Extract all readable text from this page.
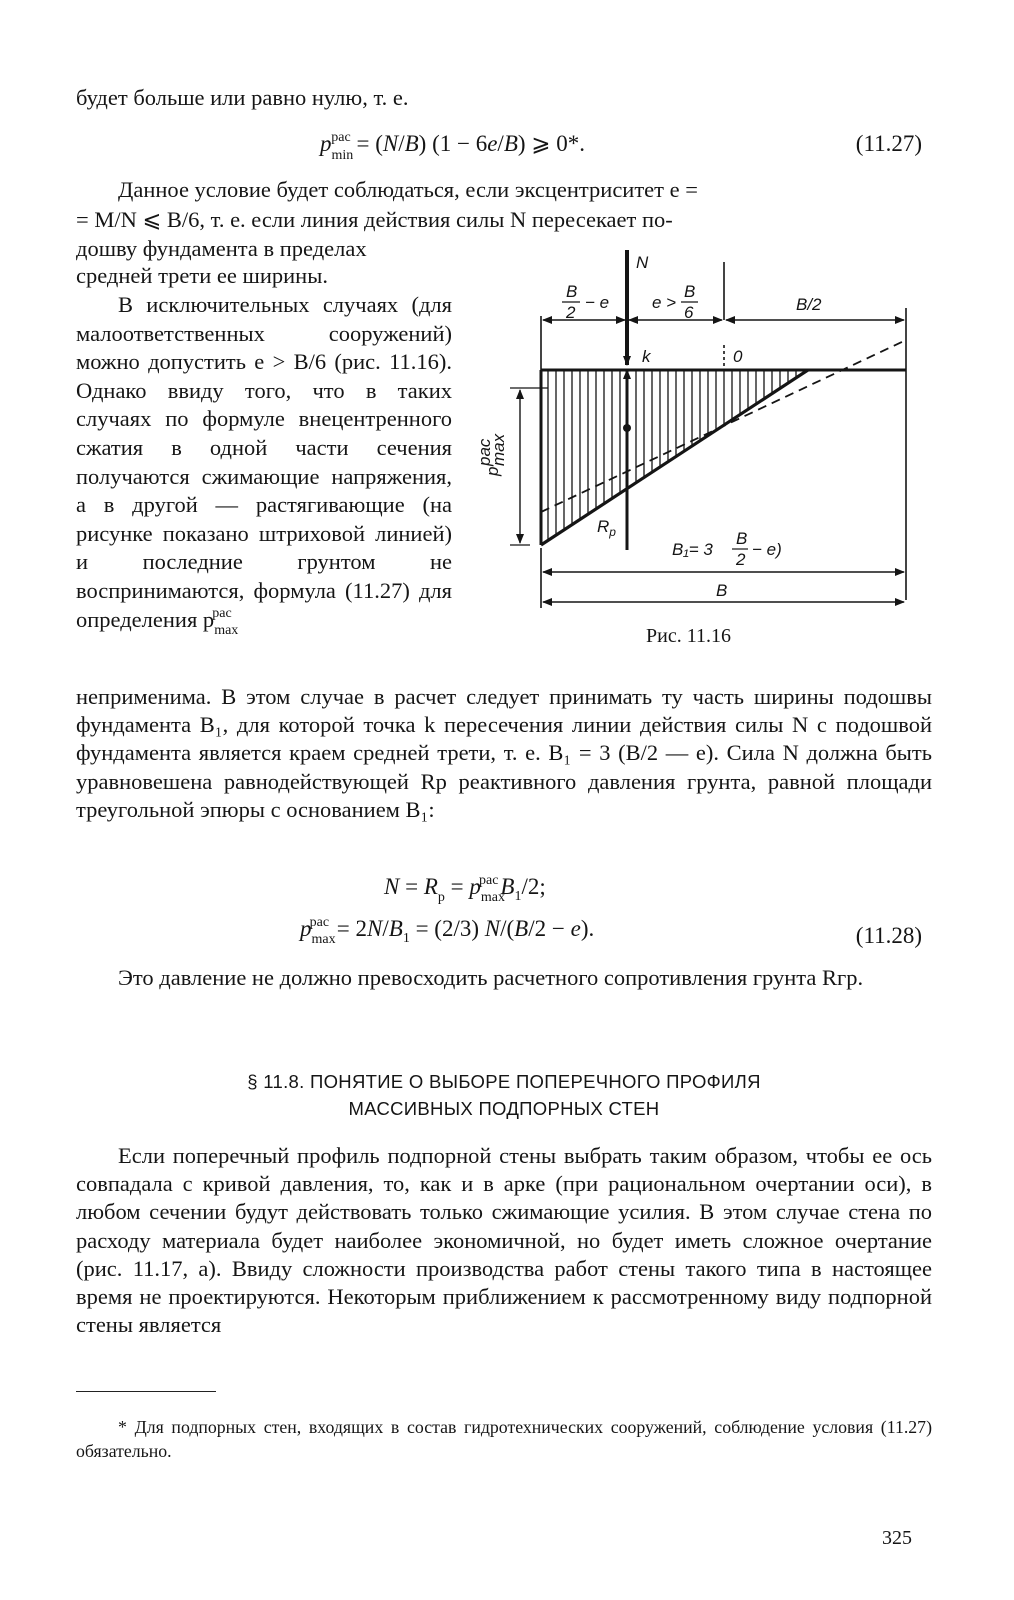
будет больше или равно нулю, т. е.

$p_{min}^{рас} = (N/B) (1 - 6e/B)$ ⩾ 0*.	(11.27)

Данное условие будет соблюдаться, если эксцентриситет e =

= M/N ⩽ B/6, т. е. если линия действия силы N пересекает по-

дошву фундамента в пределах

средней трети ее ширины.

В исключительных случаях (для малоответственных сооружений) можно допустить e > B/6 (рис. 11.16). Однако ввиду того, что в таких случаях по формуле внецентренного сжатия в одной части сечения получаются сжимающие напряжения, а в другой — растягивающие (на рисунке показано штриховой линией) и последние грунтом не воспринимаются, формула (11.27) для определения $p_{max}^{рас}$

неприменима. В этом случае в расчет следует принимать ту часть ширины подошвы фундамента B₁, для которой точка k пересечения линии действия силы N с подошвой фундамента является краем средней трети, т. е. B₁ = 3 (B/2 — e). Сила N должна быть уравновешена равнодействующей Rр реактивного давления грунта, равной площади треугольной эпюры с основанием B₁:

$N = R_p = p_{max}^{рас}B_1/2$;
$p_{max}^{рас} = 2N/B_1 = (2/3) N/(B/2 - e)$.	(11.28)

Это давление не должно превосходить расчетного сопротивления грунта Rгр.

§ 11.8. ПОНЯТИЕ О ВЫБОРЕ ПОПЕРЕЧНОГО ПРОФИЛЯ
МАССИВНЫХ ПОДПОРНЫХ СТЕН

Если поперечный профиль подпорной стены выбрать таким образом, чтобы ее ось совпадала с кривой давления, то, как и в арке (при рациональном очертании оси), в любом сечении будут действовать только сжимающие усилия. В этом случае стена по расходу материала будет наиболее экономичной, но будет иметь сложное очертание (рис. 11.17, а). Ввиду сложности производства работ стены такого типа в настоящее время не проектируются. Некоторым приближением к рассмотренному виду подпорной стены является

* Для подпорных стен, входящих в состав гидротехнических сооружений, соблюдение условия (11.27) обязательно.

325
N
B
2
− e	e >
B
6	B/2
k	0
$R_p$
B₁= 3
B
2
− e)
B
p
рас
max
Рис. 11.16
